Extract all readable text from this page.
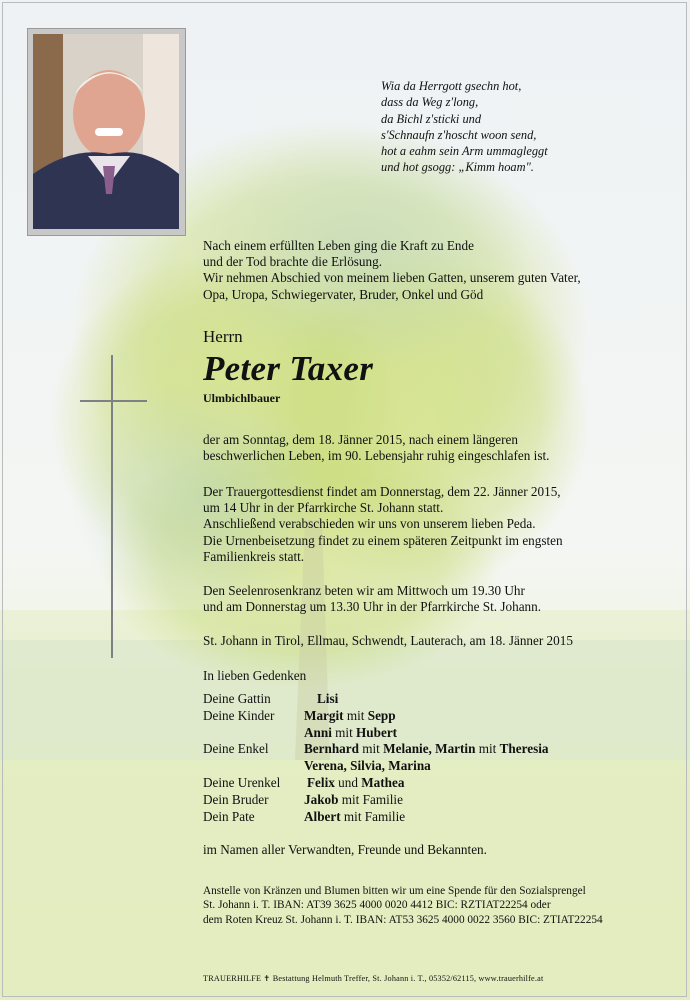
Wia da Herrgott gsechn hot,
dass da Weg z'long,
da Bichl z'sticki und
s'Schnaufn z'hoscht woon send,
hot a eahm sein Arm ummagleggt
und hot gsogg: „Kimm hoam".
Nach einem erfüllten Leben ging die Kraft zu Ende
und der Tod brachte die Erlösung.
Wir nehmen Abschied von meinem lieben Gatten, unserem guten Vater,
Opa, Uropa, Schwiegervater, Bruder, Onkel und Göd
Herrn
Peter Taxer
Ulmbichlbauer
der am Sonntag, dem 18. Jänner 2015, nach einem längeren
beschwerlichen Leben, im 90. Lebensjahr ruhig eingeschlafen ist.
Der Trauergottesdienst findet am Donnerstag, dem 22. Jänner 2015,
um 14 Uhr in der Pfarrkirche St. Johann statt.
Anschließend verabschieden wir uns von unserem lieben Peda.
Die Urnenbeisetzung findet zu einem späteren Zeitpunkt im engsten
Familienkreis statt.
Den Seelenrosenkranz beten wir am Mittwoch um 19.30 Uhr
und am Donnerstag um 13.30 Uhr in der Pfarrkirche St. Johann.
St. Johann in Tirol, Ellmau, Schwendt, Lauterach, am 18. Jänner 2015
In lieben Gedenken
Deine Gattin	Lisi
Deine Kinder Margit mit Sepp
Anni mit Hubert
Deine Enkel	Bernhard mit Melanie, Martin mit Theresia
Verena, Silvia, Marina
Deine Urenkel Felix und Mathea
Dein Bruder	Jakob mit Familie
Dein Pate	Albert mit Familie
im Namen aller Verwandten, Freunde und Bekannten.
Anstelle von Kränzen und Blumen bitten wir um eine Spende für den Sozialsprengel
St. Johann i. T. IBAN: AT39 3625 4000 0020 4412 BIC: RZTIAT22254 oder
dem Roten Kreuz St. Johann i. T. IBAN: AT53 3625 4000 0022 3560 BIC: ZTIAT22254
TRAUERHILFE ✝ Bestattung Helmuth Treffer, St. Johann i. T., 05352/62115, www.trauerhilfe.at
